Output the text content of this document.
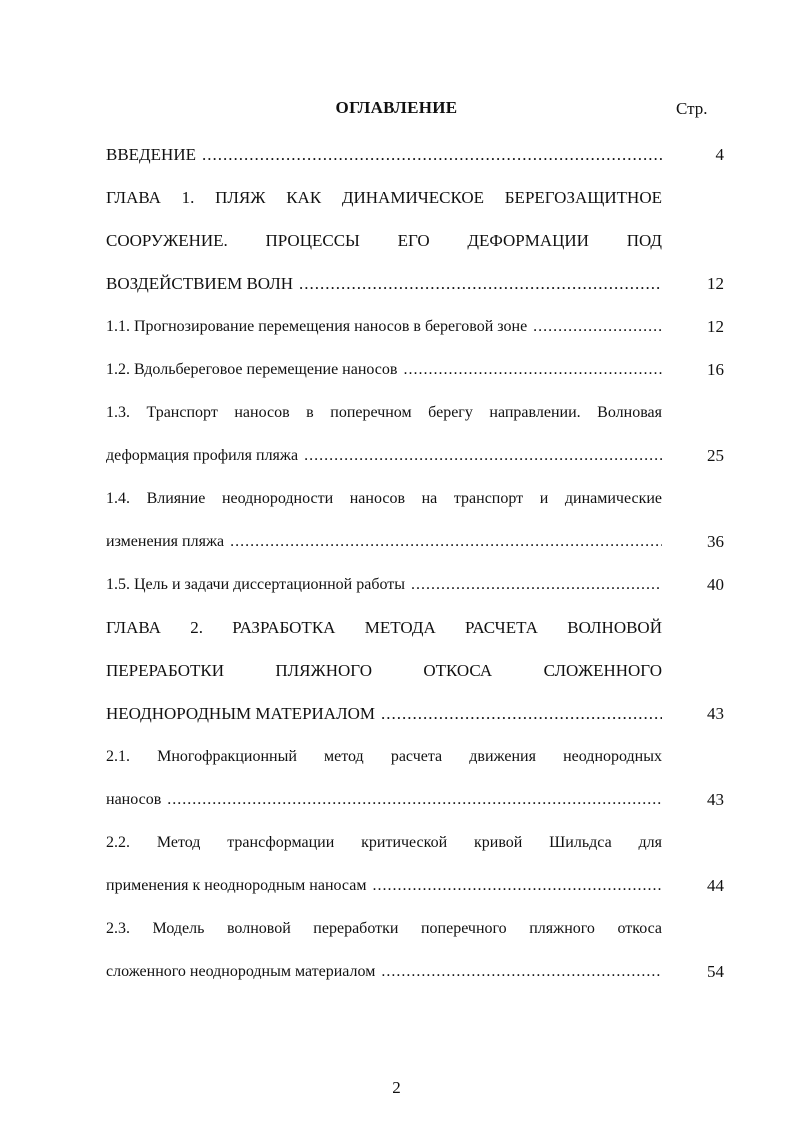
ОГЛАВЛЕНИЕ	Стр.
ВВЕДЕНИЕ .....	4
ГЛАВА 1. ПЛЯЖ КАК ДИНАМИЧЕСКОЕ БЕРЕГОЗАЩИТНОЕ
СООРУЖЕНИЕ. ПРОЦЕССЫ ЕГО ДЕФОРМАЦИИ ПОД
ВОЗДЕЙСТВИЕМ ВОЛН .....	12
1.1. Прогнозирование перемещения наносов в береговой зоне .....	12
1.2. Вдольбереговое перемещение наносов .....	16
1.3. Транспорт наносов в поперечном берегу направлении. Волновая
деформация профиля пляжа .....	25
1.4. Влияние неоднородности наносов на транспорт и динамические
изменения пляжа .....	36
1.5. Цель и задачи диссертационной работы .....	40
ГЛАВА 2. РАЗРАБОТКА МЕТОДА РАСЧЕТА ВОЛНОВОЙ
ПЕРЕРАБОТКИ ПЛЯЖНОГО ОТКОСА СЛОЖЕННОГО
НЕОДНОРОДНЫМ МАТЕРИАЛОМ .....	43
2.1. Многофракционный метод расчета движения неоднородных
наносов .....	43
2.2. Метод трансформации критической кривой Шильдса для
применения к неоднородным наносам .....	44
2.3. Модель волновой переработки поперечного пляжного откоса
сложенного неоднородным материалом .....	54
2
